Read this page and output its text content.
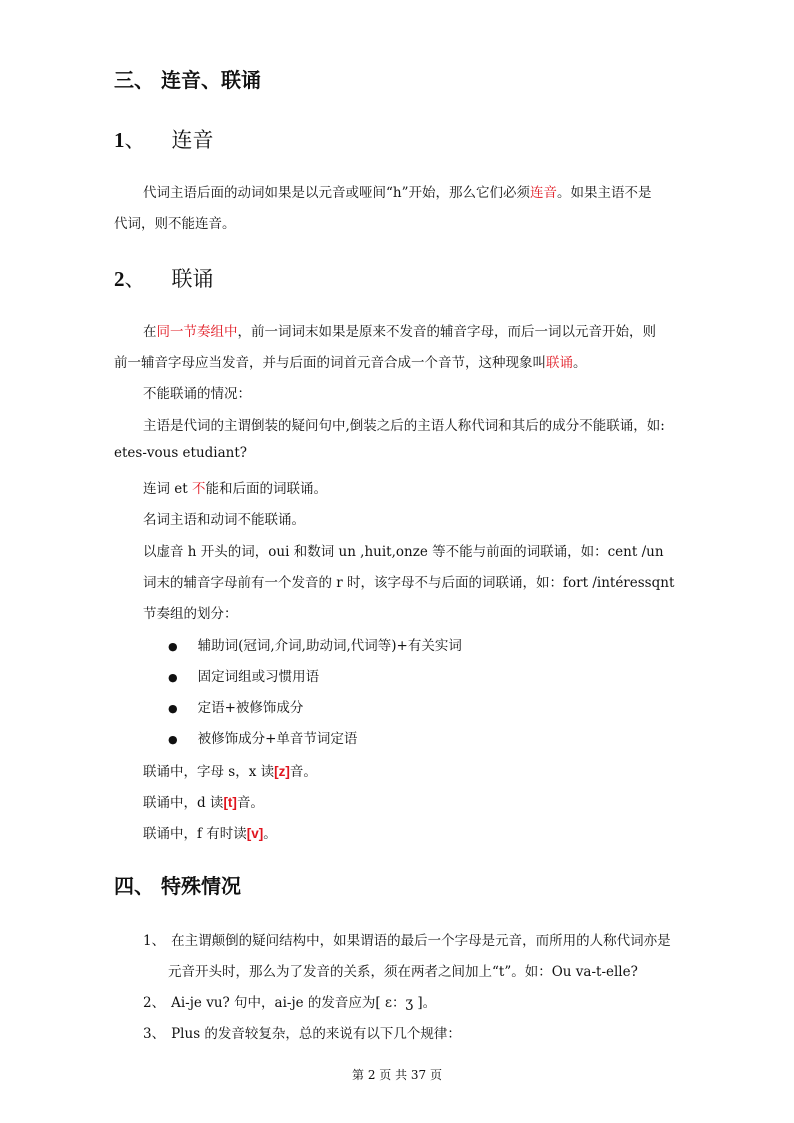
三、 连音、联诵
1、 连音
代词主语后面的动词如果是以元音或哑间“h”开始，那么它们必须连音。如果主语不是
代词，则不能连音。
2、 联诵
在同一节奏组中，前一词词末如果是原来不发音的辅音字母，而后一词以元音开始，则
前一辅音字母应当发音，并与后面的词首元音合成一个音节，这种现象叫联诵。
不能联诵的情况：
主语是代词的主谓倒装的疑问句中,倒装之后的主语人称代词和其后的成分不能联诵，如:
etes-vous etudiant?
连词 et 不能和后面的词联诵。
名词主语和动词不能联诵。
以虚音 h 开头的词，oui 和数词 un ,huit,onze 等不能与前面的词联诵，如：cent /un
词末的辅音字母前有一个发音的 r 时，该字母不与后面的词联诵，如：fort /intéressqnt
节奏组的划分：
● 辅助词(冠词,介词,助动词,代词等)+有关实词
● 固定词组或习惯用语
● 定语+被修饰成分
● 被修饰成分+单音节词定语
联诵中，字母 s，x 读[z]音。
联诵中，d 读[t]音。
联诵中，f 有时读[v]。
四、 特殊情况
1、 在主谓颠倒的疑问结构中，如果谓语的最后一个字母是元音，而所用的人称代词亦是
元音开头时，那么为了发音的关系，须在两者之间加上“t”。如：Ou va-t-elle?
2、 Ai-je vu? 句中，ai-je 的发音应为[ ɛ：ʒ ]。
3、 Plus 的发音较复杂，总的来说有以下几个规律：
第 2 页 共 37 页
